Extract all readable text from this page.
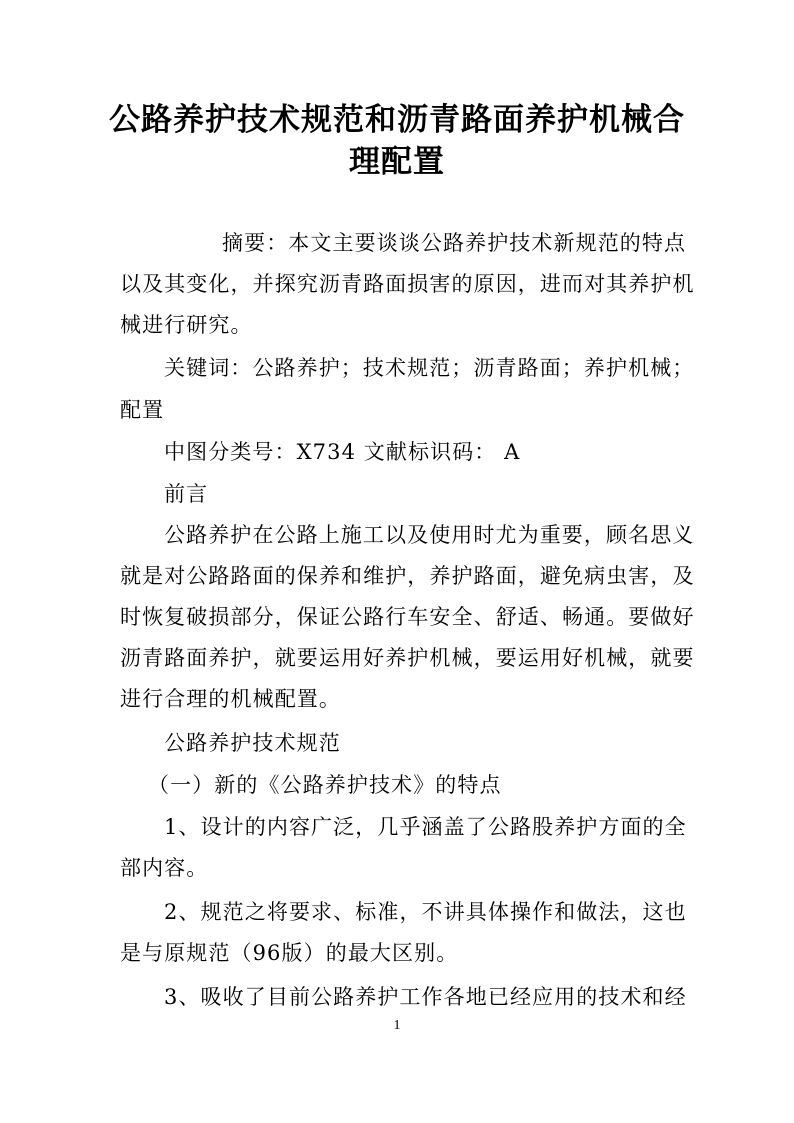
公路养护技术规范和沥青路面养护机械合
理配置

摘要：本文主要谈谈公路养护技术新规范的特点

以及其变化，并探究沥青路面损害的原因，进而对其养护机

械进行研究。

关键词：公路养护；技术规范；沥青路面；养护机械；

配置

中图分类号：X734 文献标识码： A

前言

公路养护在公路上施工以及使用时尤为重要，顾名思义

就是对公路路面的保养和维护，养护路面，避免病虫害，及

时恢复破损部分，保证公路行车安全、舒适、畅通。要做好

沥青路面养护，就要运用好养护机械，要运用好机械，就要

进行合理的机械配置。

公路养护技术规范

（一）新的《公路养护技术》的特点

1、设计的内容广泛，几乎涵盖了公路股养护方面的全

部内容。

2、规范之将要求、标准，不讲具体操作和做法，这也

是与原规范（96版）的最大区别。

3、吸收了目前公路养护工作各地已经应用的技术和经

1
